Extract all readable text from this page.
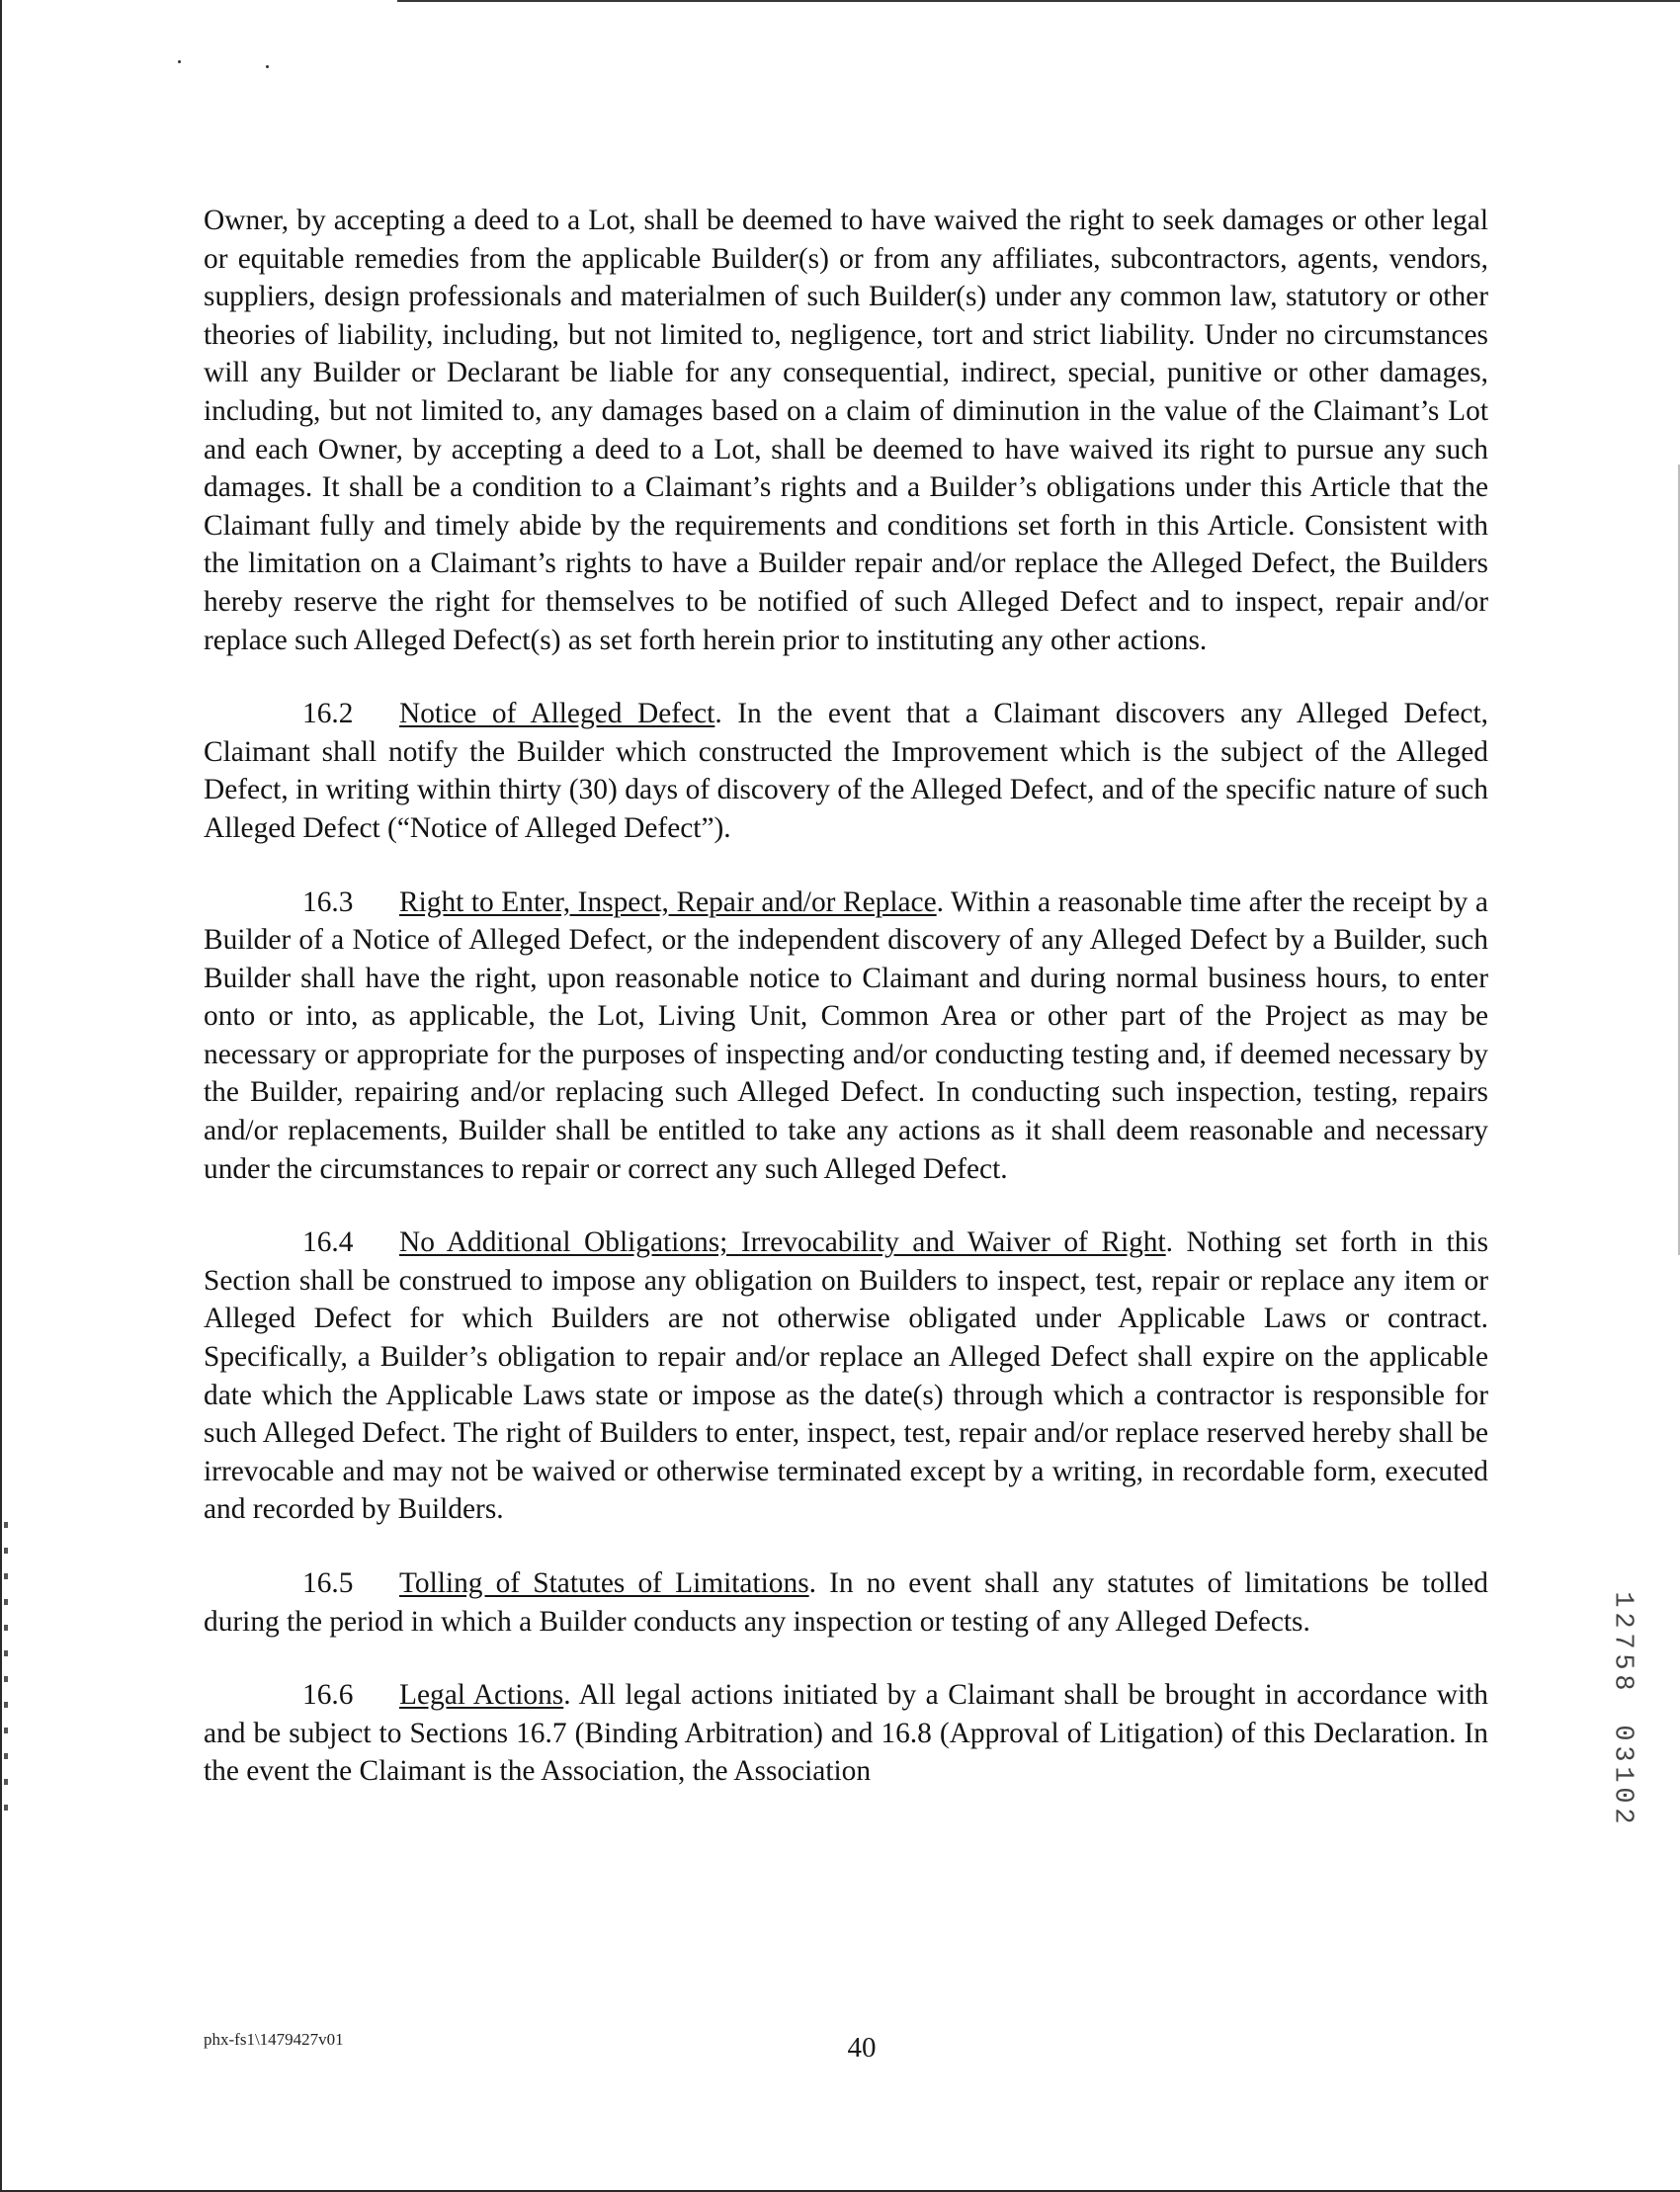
Owner, by accepting a deed to a Lot, shall be deemed to have waived the right to seek damages or other legal or equitable remedies from the applicable Builder(s) or from any affiliates, subcontractors, agents, vendors, suppliers, design professionals and materialmen of such Builder(s) under any common law, statutory or other theories of liability, including, but not limited to, negligence, tort and strict liability. Under no circumstances will any Builder or Declarant be liable for any consequential, indirect, special, punitive or other damages, including, but not limited to, any damages based on a claim of diminution in the value of the Claimant’s Lot and each Owner, by accepting a deed to a Lot, shall be deemed to have waived its right to pursue any such damages. It shall be a condition to a Claimant’s rights and a Builder’s obligations under this Article that the Claimant fully and timely abide by the requirements and conditions set forth in this Article. Consistent with the limitation on a Claimant’s rights to have a Builder repair and/or replace the Alleged Defect, the Builders hereby reserve the right for themselves to be notified of such Alleged Defect and to inspect, repair and/or replace such Alleged Defect(s) as set forth herein prior to instituting any other actions.

16.2 Notice of Alleged Defect. In the event that a Claimant discovers any Alleged Defect, Claimant shall notify the Builder which constructed the Improvement which is the subject of the Alleged Defect, in writing within thirty (30) days of discovery of the Alleged Defect, and of the specific nature of such Alleged Defect (“Notice of Alleged Defect”).

16.3 Right to Enter, Inspect, Repair and/or Replace. Within a reasonable time after the receipt by a Builder of a Notice of Alleged Defect, or the independent discovery of any Alleged Defect by a Builder, such Builder shall have the right, upon reasonable notice to Claimant and during normal business hours, to enter onto or into, as applicable, the Lot, Living Unit, Common Area or other part of the Project as may be necessary or appropriate for the purposes of inspecting and/or conducting testing and, if deemed necessary by the Builder, repairing and/or replacing such Alleged Defect. In conducting such inspection, testing, repairs and/or replacements, Builder shall be entitled to take any actions as it shall deem reasonable and necessary under the circumstances to repair or correct any such Alleged Defect.

16.4 No Additional Obligations; Irrevocability and Waiver of Right. Nothing set forth in this Section shall be construed to impose any obligation on Builders to inspect, test, repair or replace any item or Alleged Defect for which Builders are not otherwise obligated under Applicable Laws or contract. Specifically, a Builder’s obligation to repair and/or replace an Alleged Defect shall expire on the applicable date which the Applicable Laws state or impose as the date(s) through which a contractor is responsible for such Alleged Defect. The right of Builders to enter, inspect, test, repair and/or replace reserved hereby shall be irrevocable and may not be waived or otherwise terminated except by a writing, in recordable form, executed and recorded by Builders.

16.5 Tolling of Statutes of Limitations. In no event shall any statutes of limitations be tolled during the period in which a Builder conducts any inspection or testing of any Alleged Defects.

16.6 Legal Actions. All legal actions initiated by a Claimant shall be brought in accordance with and be subject to Sections 16.7 (Binding Arbitration) and 16.8 (Approval of Litigation) of this Declaration. In the event the Claimant is the Association, the Association

1
2
7
5
8
0
3
1
0
2
phx-fs1\1479427v01	40
